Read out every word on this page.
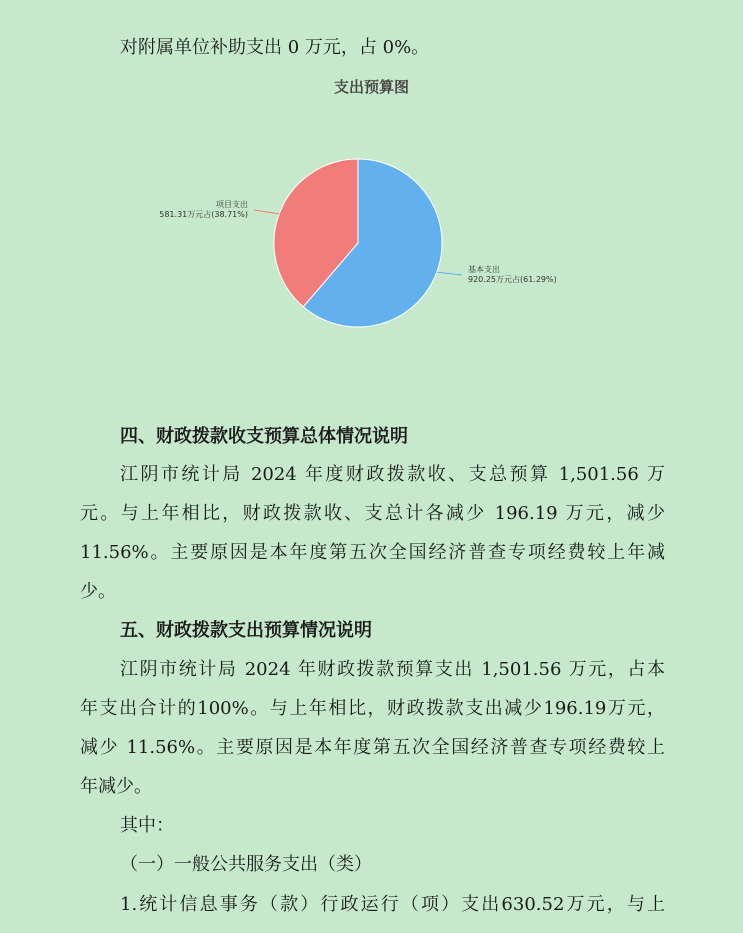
对附属单位补助支出 0 万元，占 0%。
支出预算图
基本支出
920.25万元占(61.29%)
项目支出
581.31万元占(38.71%)
四、财政拨款收支预算总体情况说明
江阴市统计局 2024 年度财政拨款收、支总预算 1,501.56 万
元。与上年相比，财政拨款收、支总计各减少 196.19 万元，减少
11.56%。主要原因是本年度第五次全国经济普查专项经费较上年减
少。
五、财政拨款支出预算情况说明
江阴市统计局 2024 年财政拨款预算支出 1,501.56 万元，占本
年支出合计的100%。与上年相比，财政拨款支出减少196.19万元，
减少 11.56%。主要原因是本年度第五次全国经济普查专项经费较上
年减少。
其中：
（一）一般公共服务支出（类）
1.统计信息事务（款）行政运行（项）支出630.52万元，与上
